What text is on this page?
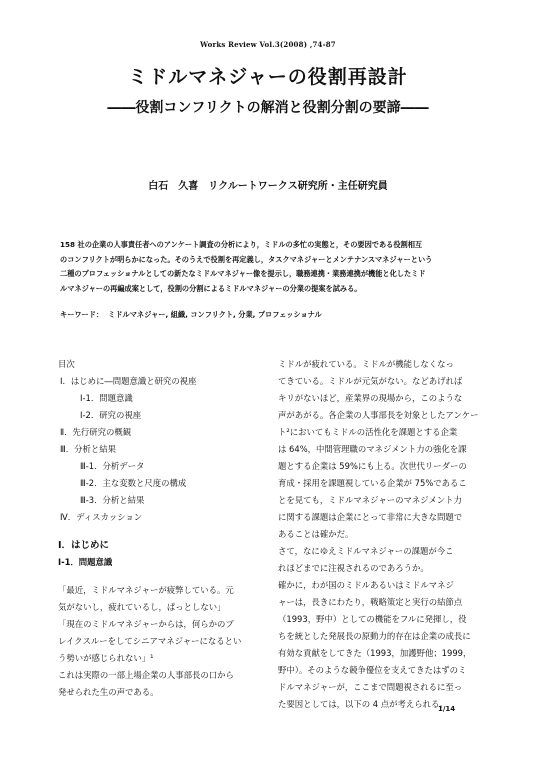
Works Review Vol.3(2008) ,74-87
ミドルマネジャーの役割再設計
――役割コンフリクトの解消と役割分割の要諦――
白石　久喜　リクルートワークス研究所・主任研究員
158 社の企業の人事責任者へのアンケート調査の分析により，ミドルの多忙の実態と，その要因である役割相互
のコンフリクトが明らかになった。そのうえで役割を再定義し，タスクマネジャーとメンテナンスマネジャーという
二種のプロフェッショナルとしての新たなミドルマネジャー像を提示し，職務連携・業務連携が機能と化したミド
ルマネジャーの再編成案として，役割の分割によるミドルマネジャーの分業の提案を試みる。
キーワード：  ミドルマネジャー, 組織, コンフリクト, 分業, プロフェッショナル
目次
Ⅰ．はじめに―問題意識と研究の視座
Ⅰ-1．問題意識
Ⅰ-2．研究の視座
Ⅱ．先行研究の概観
Ⅲ．分析と結果
Ⅲ-1．分析データ
Ⅲ-2．主な変数と尺度の構成
Ⅲ-3．分析と結果
Ⅳ．ディスカッション
Ⅰ．はじめに
Ⅰ-1．問題意識
「最近，ミドルマネジャーが疲弊している。元
気がないし，疲れているし，ぱっとしない」
「現在のミドルマネジャーからは，何らかのブ
レイクスルーをしてシニアマネジャーになるとい
う勢いが感じられない」¹
これは実際の一部上場企業の人事部長の口から
発せられた生の声である。
ミドルが疲れている。ミドルが機能しなくなっ
てきている。ミドルが元気がない。などあげれば
キリがないほど，産業界の現場から，このような
声があがる。各企業の人事部長を対象としたアンケー
ト²においてもミドルの活性化を課題とする企業
は 64%，中間管理職のマネジメント力の強化を課
題とする企業は 59%にも上る。次世代リーダーの
育成・採用を課題視している企業が 75%であるこ
とを見ても，ミドルマネジャーのマネジメント力
に関する課題は企業にとって非常に大きな問題で
あることは確かだ。
さて，なにゆえミドルマネジャーの課題が今こ
れほどまでに注視されるのであろうか。
確かに，わが国のミドルあるいはミドルマネジ
ャーは，長きにわたり，戦略策定と実行の結節点
（1993，野中）としての機能をフルに発揮し，役
ちを統とした発展長の原動力的存在は企業の成長に
有効な貢献をしてきた（1993，加護野他；1999，
野中）。そのような競争優位を支えてきたはずのミ
ドルマネジャーが，ここまで問題視されるに至っ
た要因としては，以下の 4 点が考えられる。
1/14
